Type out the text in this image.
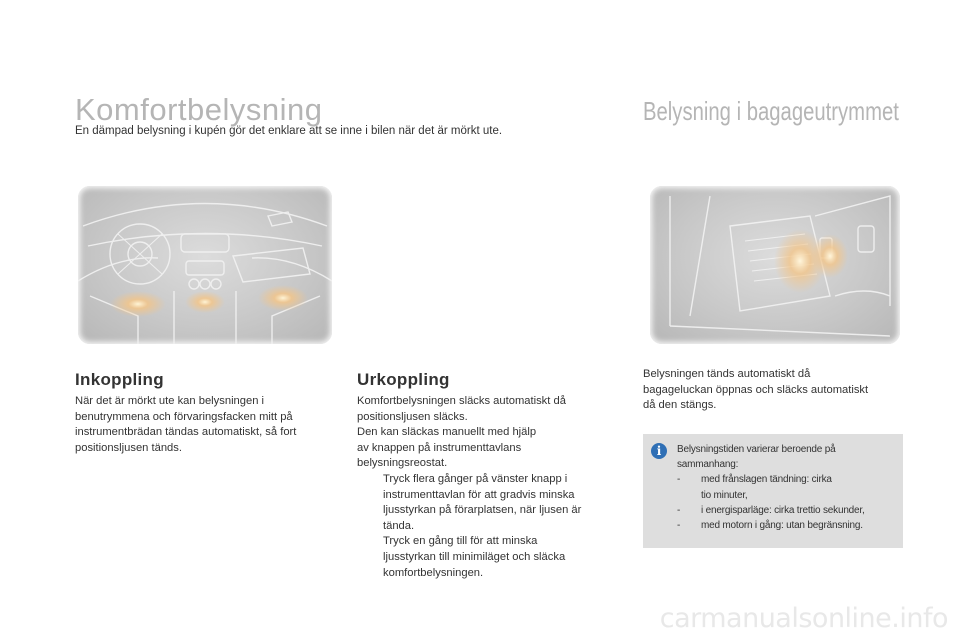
Komfortbelysning
En dämpad belysning i kupén gör det enklare att se inne i bilen när det är mörkt ute.
Belysning i bagageutrymmet
Inkoppling

När det är mörkt ute kan belysningen i

benutrymmena och förvaringsfacken mitt på

instrumentbrädan tändas automatiskt, så fort

positionsljusen tänds.

Urkoppling

Komfortbelysningen släcks automatiskt då

positionsljusen släcks.

Den kan släckas manuellt med hjälp

av knappen på instrumenttavlans

belysningsreostat.

Tryck flera gånger på vänster knapp i

instrumenttavlan för att gradvis minska

ljusstyrkan på förarplatsen, när ljusen är

tända.

Tryck en gång till för att minska

ljusstyrkan till minimiläget och släcka

komfortbelysningen.

Belysningen tänds automatiskt då

bagageluckan öppnas och släcks automatiskt

då den stängs.

i	Belysningstiden varierar beroende på
sammanhang:
- med frånslagen tändning: cirka
tio minuter,
- i energisparläge: cirka trettio sekunder,
- med motorn i gång: utan begränsning.
carmanualsonline.info
